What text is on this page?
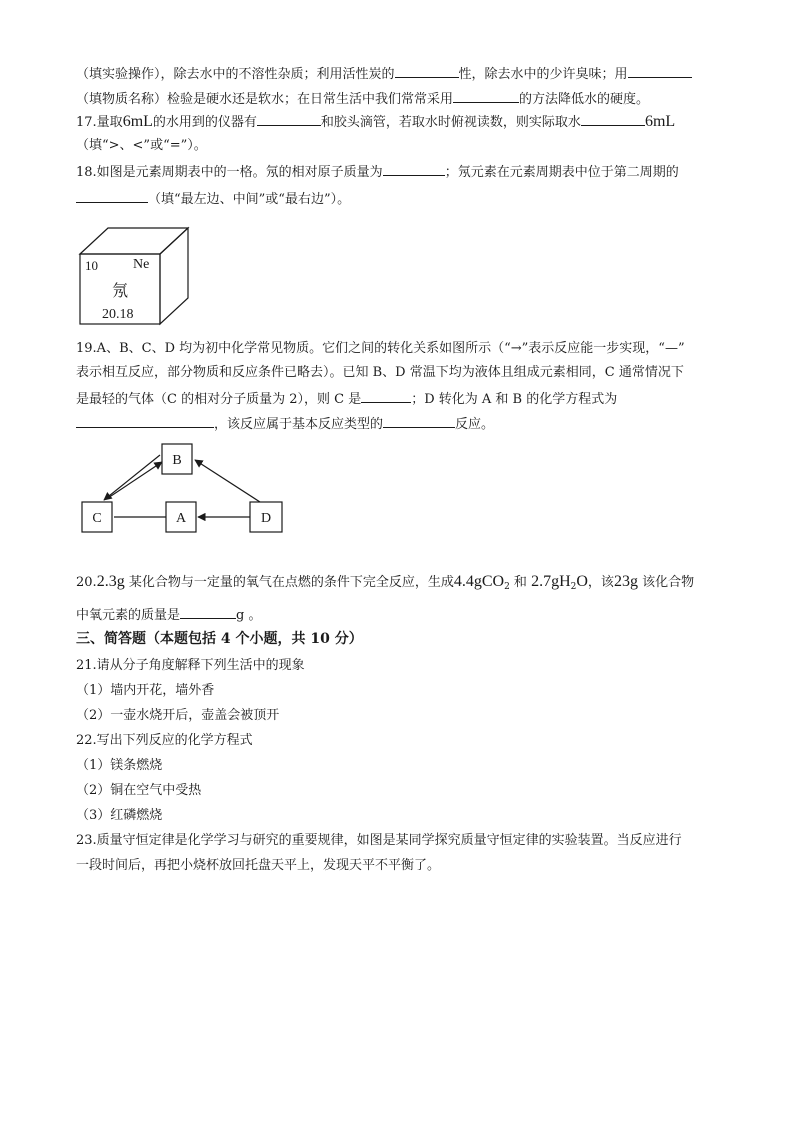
（填实验操作），除去水中的不溶性杂质；利用活性炭的	性，除去水中的少许臭味；用
（填物质名称）检验是硬水还是软水；在日常生活中我们常常采用	的方法降低水的硬度。
17.量取6mL的水用到的仪器有	和胶头滴管，若取水时俯视读数，则实际取水	6mL
（填“>、<”或“=”）。
18.如图是元素周期表中的一格。氖的相对原子质量为	；氖元素在元素周期表中位于第二周期的
（填“最左边、中间”或“最右边”）。
10	Ne
氖
20.18
19.A、B、C、D 均为初中化学常见物质。它们之间的转化关系如图所示（“→”表示反应能一步实现，“—”
表示相互反应，部分物质和反应条件已略去）。已知 B、D 常温下均为液体且组成元素相同，C 通常情况下
是最轻的气体（C 的相对分子质量为 2），则 C 是	；D 转化为 A 和 B 的化学方程式为
，该反应属于基本反应类型的	反应。
B
C	A	D
20.2.3g 某化合物与一定量的氧气在点燃的条件下完全反应，生成4.4gCO$_2$ 和 $2.7gH_2O$，该23g 该化合物
中氧元素的质量是	g 。
三、简答题（本题包括 4 个小题，共 10 分）
21.请从分子角度解释下列生活中的现象
（1）墙内开花，墙外香
（2）一壶水烧开后，壶盖会被顶开
22.写出下列反应的化学方程式
（1）镁条燃烧
（2）铜在空气中受热
（3）红磷燃烧
23.质量守恒定律是化学学习与研究的重要规律，如图是某同学探究质量守恒定律的实验装置。当反应进行
一段时间后，再把小烧杯放回托盘天平上，发现天平不平衡了。
